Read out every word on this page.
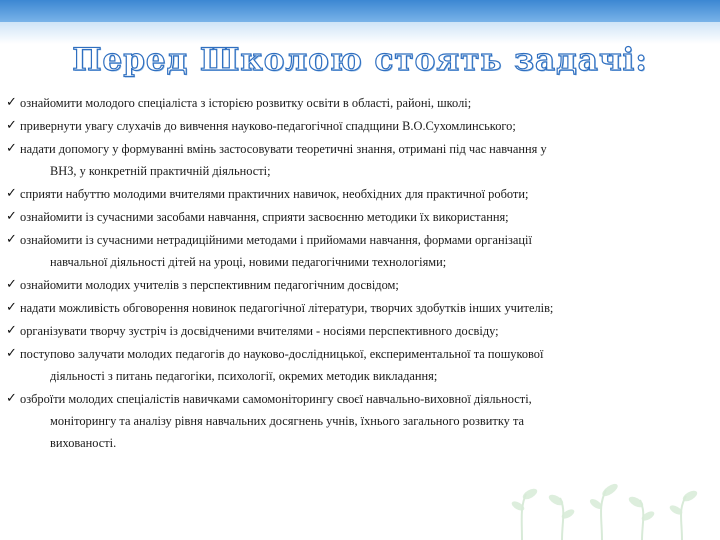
Перед Школою стоять задачі:
✓ ознайомити молодого спеціаліста з історією розвитку освіти в області, районі, школі;
✓ привернути увагу слухачів до вивчення науково-педагогічної спадщини В.О.Сухомлинського;
✓ надати допомогу у формуванні вмінь застосовувати теоретичні знання, отримані під час навчання у
ВНЗ, у конкретній практичній діяльності;
✓ сприяти набуттю молодими вчителями практичних навичок, необхідних для практичної роботи;
✓ ознайомити із сучасними засобами навчання, сприяти засвоєнню методики їх використання;
✓ ознайомити із сучасними нетрадиційними методами і прийомами навчання, формами організації
навчальної діяльності дітей на уроці, новими педагогічними технологіями;
✓ ознайомити молодих учителів з перспективним педагогічним досвідом;
✓ надати можливість обговорення новинок педагогічної літератури, творчих здобутків інших учителів;
✓ організувати творчу зустріч із досвідченими вчителями - носіями перспективного досвіду;
✓ поступово залучати молодих педагогів до науково-дослідницької, експериментальної та пошукової
діяльності з питань педагогіки, психології, окремих методик викладання;
✓ озброїти молодих спеціалістів навичками самомоніторингу своєї навчально-виховної діяльності,
моніторингу та аналізу рівня навчальних досягнень учнів, їхнього загального розвитку та
вихованості.
